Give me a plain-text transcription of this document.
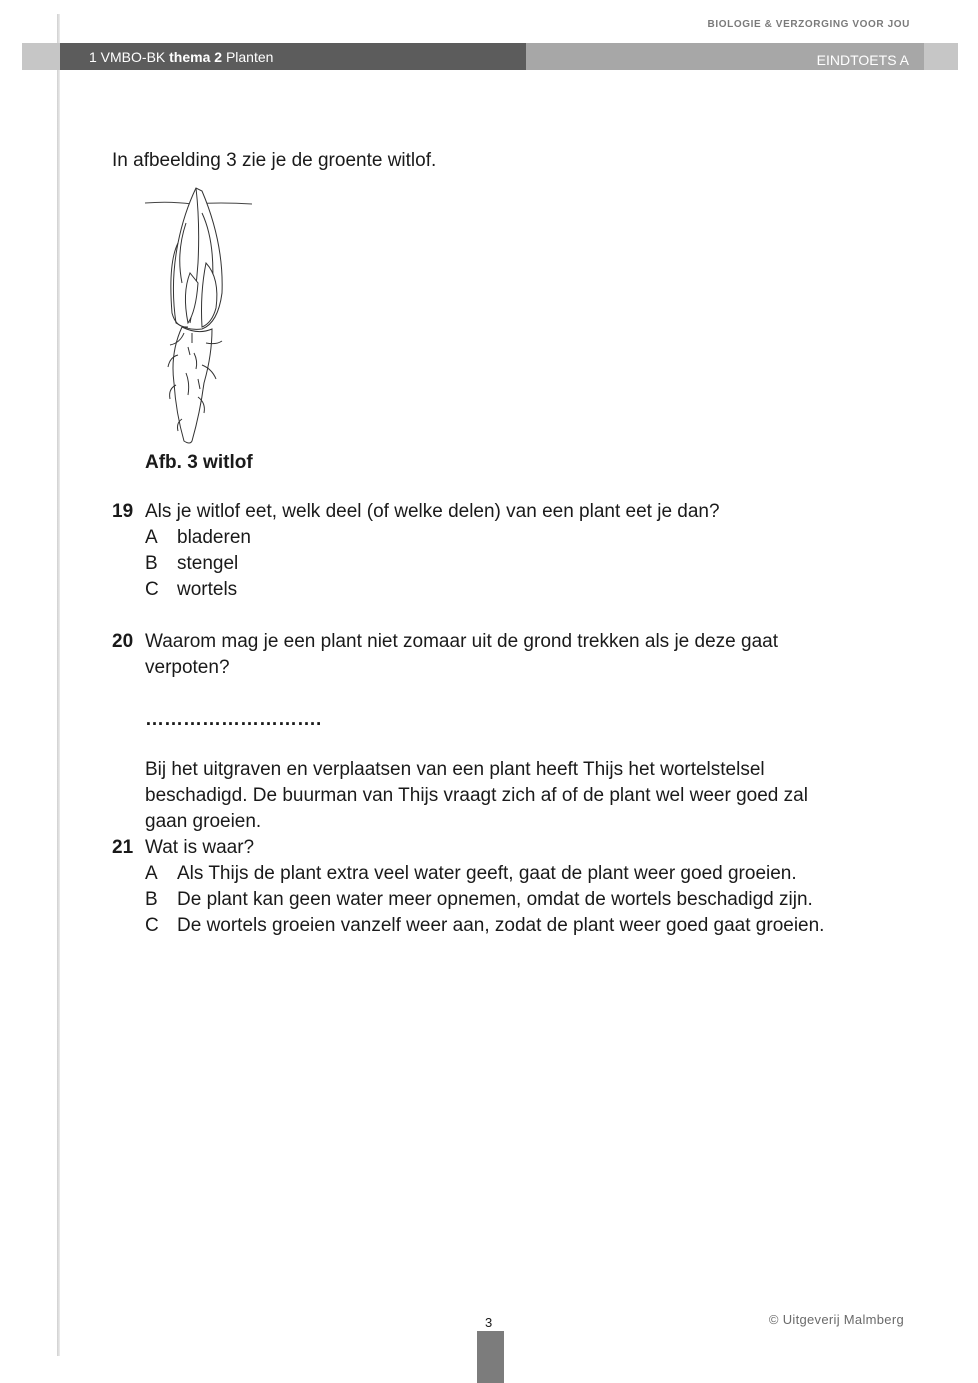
BIOLOGIE & VERZORGING VOOR JOU
1 VMBO-BK thema 2 Planten	EINDTOETS A
In afbeelding 3 zie je de groente witlof.
Afb. 3 witlof
19 Als je witlof eet, welk deel (of welke delen) van een plant eet je dan?
A bladeren
B stengel
C wortels
20 Waarom mag je een plant niet zomaar uit de grond trekken als je deze gaat
verpoten?
……………………….
Bij het uitgraven en verplaatsen van een plant heeft Thijs het wortelstelsel
beschadigd. De buurman van Thijs vraagt zich af of de plant wel weer goed zal
gaan groeien.
21 Wat is waar?
A Als Thijs de plant extra veel water geeft, gaat de plant weer goed groeien.
B De plant kan geen water meer opnemen, omdat de wortels beschadigd zijn.
C De wortels groeien vanzelf weer aan, zodat de plant weer goed gaat groeien.
3	© Uitgeverij Malmberg
